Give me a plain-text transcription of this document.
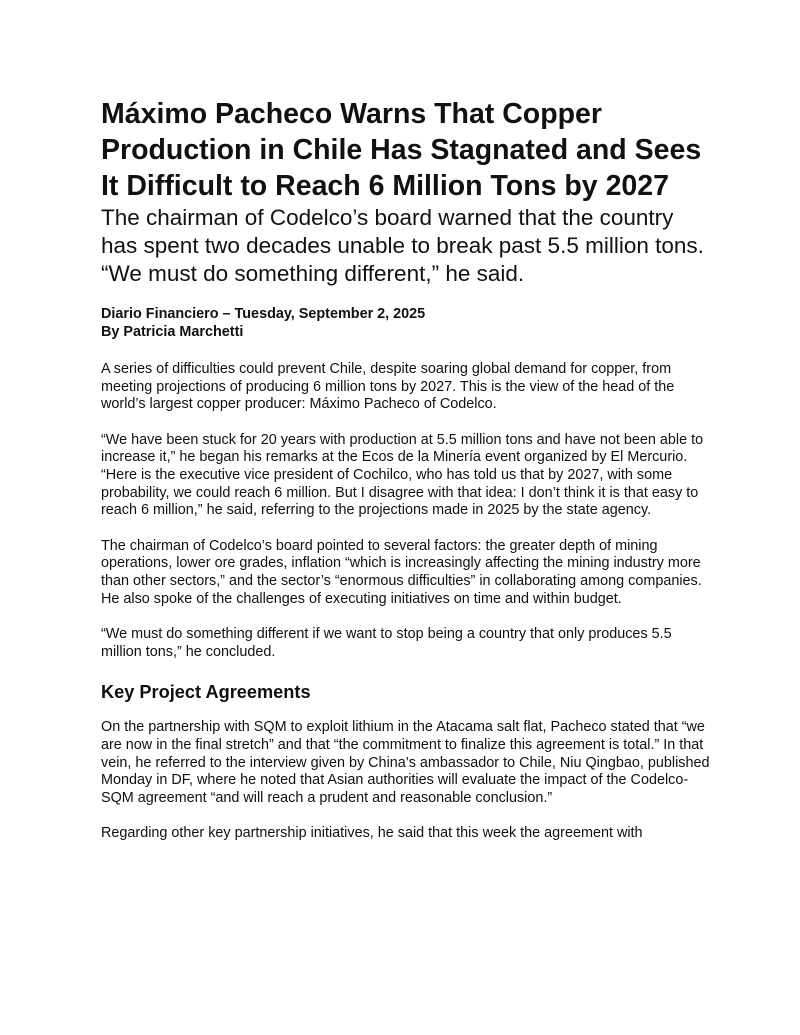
Máximo Pacheco Warns That Copper Production in Chile Has Stagnated and Sees It Difficult to Reach 6 Million Tons by 2027
The chairman of Codelco’s board warned that the country has spent two decades unable to break past 5.5 million tons. “We must do something different,” he said.
Diario Financiero – Tuesday, September 2, 2025
By Patricia Marchetti

A series of difficulties could prevent Chile, despite soaring global demand for copper, from meeting projections of producing 6 million tons by 2027. This is the view of the head of the world’s largest copper producer: Máximo Pacheco of Codelco.

“We have been stuck for 20 years with production at 5.5 million tons and have not been able to increase it,” he began his remarks at the Ecos de la Minería event organized by El Mercurio. “Here is the executive vice president of Cochilco, who has told us that by 2027, with some probability, we could reach 6 million. But I disagree with that idea: I don’t think it is that easy to reach 6 million,” he said, referring to the projections made in 2025 by the state agency.

The chairman of Codelco’s board pointed to several factors: the greater depth of mining operations, lower ore grades, inflation “which is increasingly affecting the mining industry more than other sectors,” and the sector’s “enormous difficulties” in collaborating among companies. He also spoke of the challenges of executing initiatives on time and within budget.

“We must do something different if we want to stop being a country that only produces 5.5 million tons,” he concluded.

Key Project Agreements

On the partnership with SQM to exploit lithium in the Atacama salt flat, Pacheco stated that “we are now in the final stretch” and that “the commitment to finalize this agreement is total.” In that vein, he referred to the interview given by China’s ambassador to Chile, Niu Qingbao, published Monday in DF, where he noted that Asian authorities will evaluate the impact of the Codelco-SQM agreement “and will reach a prudent and reasonable conclusion.”

Regarding other key partnership initiatives, he said that this week the agreement with
